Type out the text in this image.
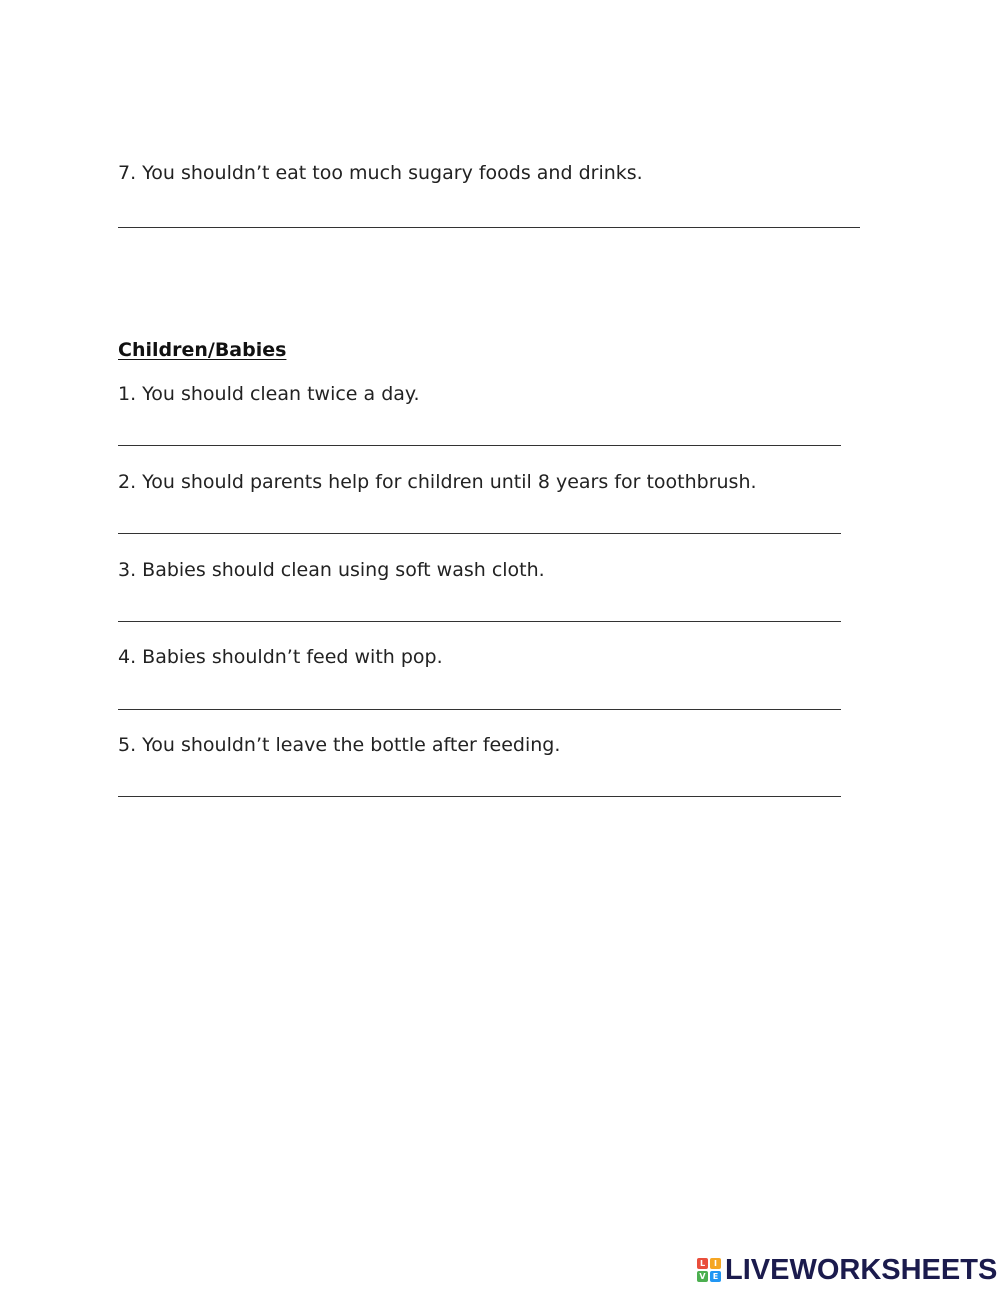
7. You shouldn’t eat too much sugary foods and drinks.
Children/Babies
1. You should clean twice a day.
2. You should parents help for children until 8 years for toothbrush.
3. Babies should clean using soft wash cloth.
4. Babies shouldn’t feed with pop.
5. You shouldn’t leave the bottle after feeding.
L	I
V E LIVEWORKSHEETS
